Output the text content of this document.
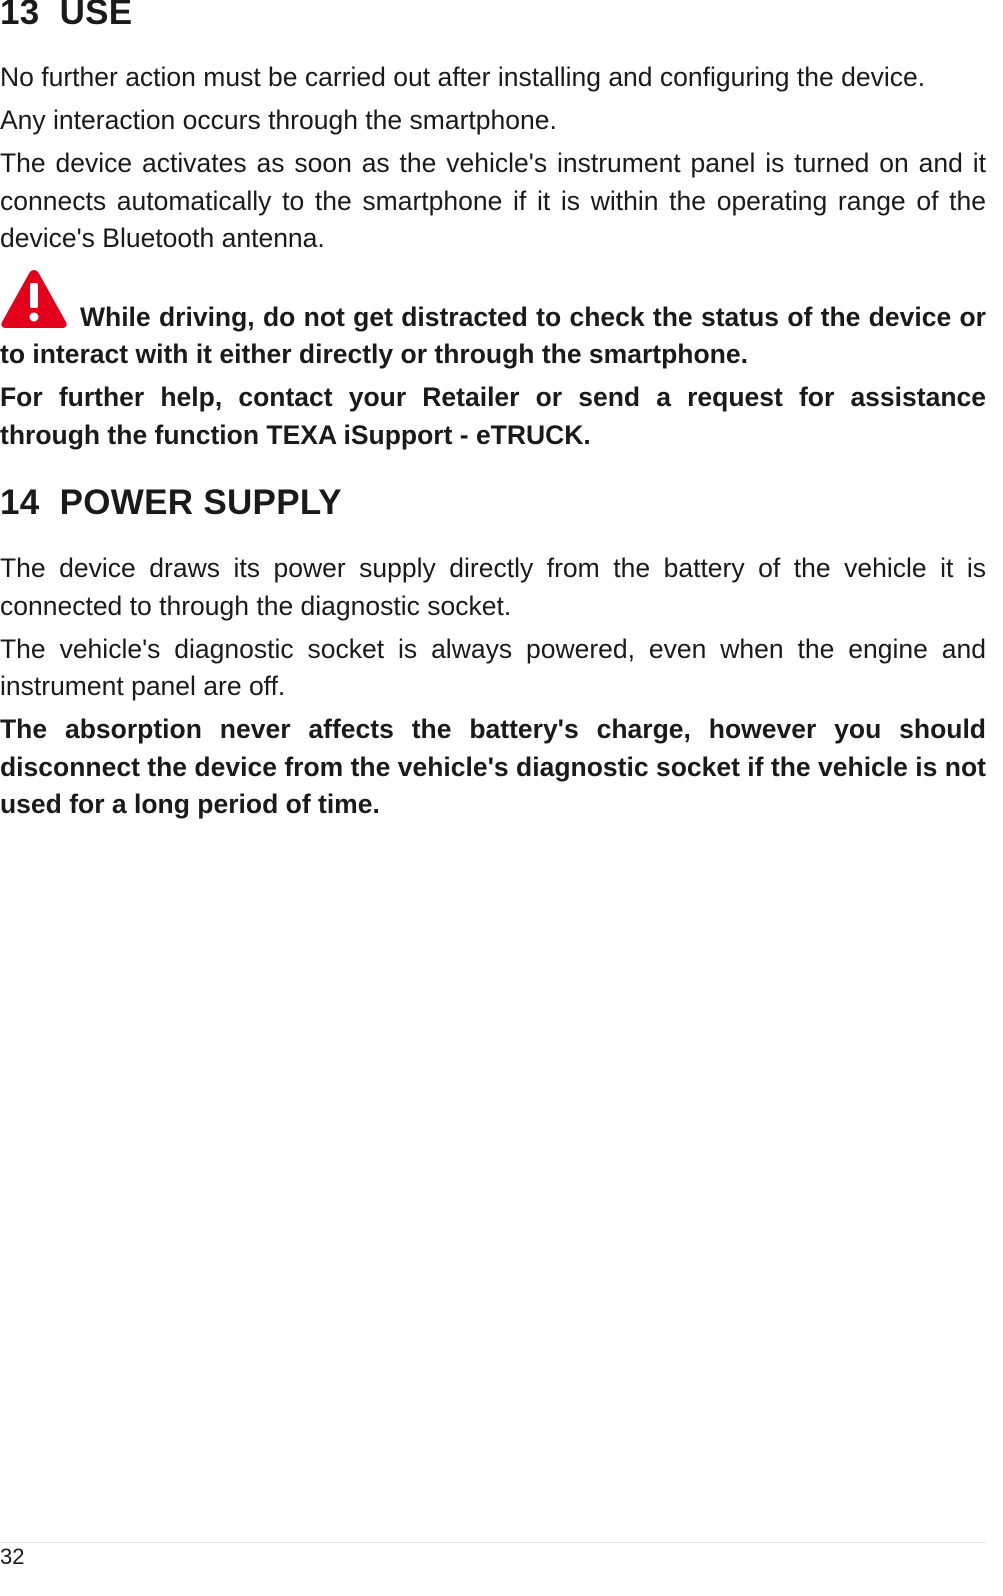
13  USE

No further action must be carried out after installing and configuring the device.

Any interaction occurs through the smartphone.

The device activates as soon as the vehicle's instrument panel is turned on and it connects automatically to the smartphone if it is within the operating range of the device's Bluetooth antenna.

While driving, do not get distracted to check the status of the device or to interact with it either directly or through the smartphone.

For further help, contact your Retailer or send a request for assistance through the function TEXA iSupport - eTRUCK.

14  POWER SUPPLY

The device draws its power supply directly from the battery of the vehicle it is connected to through the diagnostic socket.

The vehicle's diagnostic socket is always powered, even when the engine and instrument panel are off.

The absorption never affects the battery's charge, however you should disconnect the device from the vehicle's diagnostic socket if the vehicle is not used for a long period of time.

32
